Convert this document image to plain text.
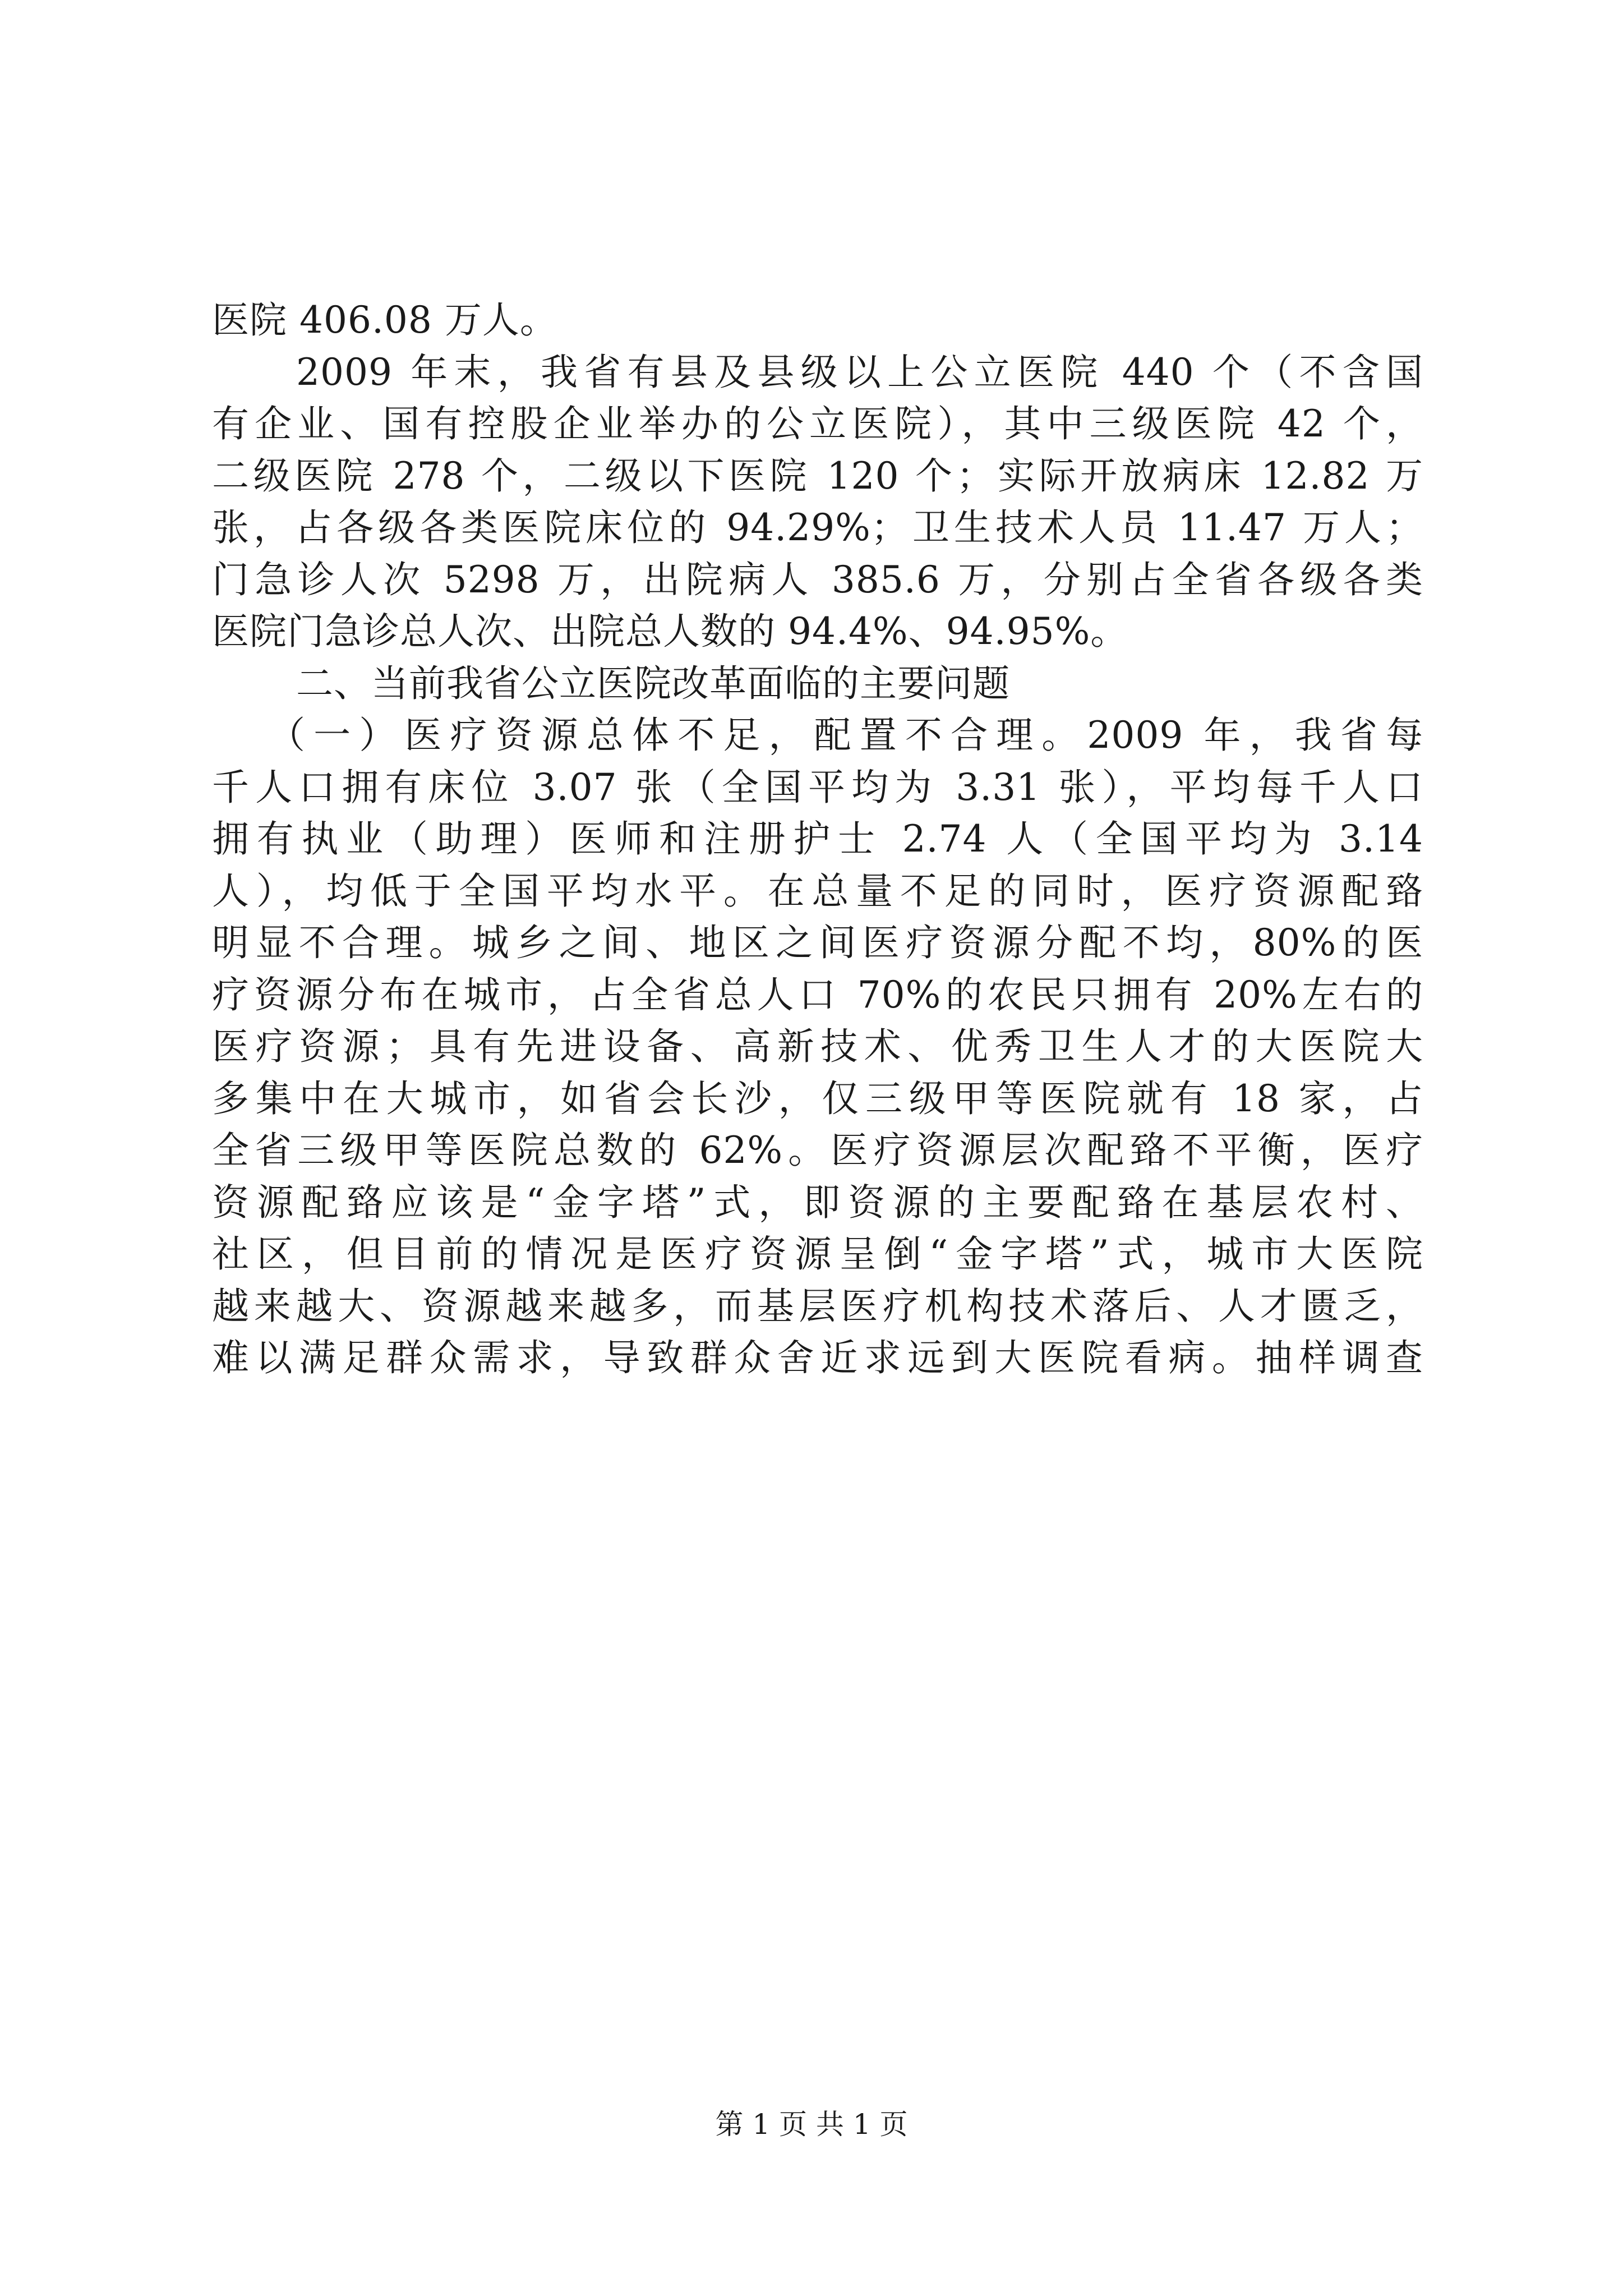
医院 406.08 万人。
2009 年末，我省有县及县级以上公立医院 440 个（不含国
有企业、国有控股企业举办的公立医院），其中三级医院 42 个，
二级医院 278 个，二级以下医院 120 个；实际开放病床 12.82 万
张，占各级各类医院床位的 94.29%；卫生技术人员 11.47 万人；
门急诊人次 5298 万，出院病人 385.6 万，分别占全省各级各类
医院门急诊总人次、出院总人数的 94.4%、94.95%。
二、当前我省公立医院改革面临的主要问题
（一）医疗资源总体不足，配置不合理。2009 年，我省每
千人口拥有床位 3.07 张（全国平均为 3.31 张），平均每千人口
拥有执业（助理）医师和注册护士 2.74 人（全国平均为 3.14
人），均低于全国平均水平。在总量不足的同时，医疗资源配臵
明显不合理。城乡之间、地区之间医疗资源分配不均，80%的医
疗资源分布在城市，占全省总人口 70%的农民只拥有 20%左右的
医疗资源；具有先进设备、高新技术、优秀卫生人才的大医院大
多集中在大城市，如省会长沙，仅三级甲等医院就有 18 家，占
全省三级甲等医院总数的 62%。医疗资源层次配臵不平衡，医疗
资源配臵应该是“金字塔”式，即资源的主要配臵在基层农村、
社区，但目前的情况是医疗资源呈倒“金字塔”式，城市大医院
越来越大、资源越来越多，而基层医疗机构技术落后、人才匮乏，
难以满足群众需求，导致群众舍近求远到大医院看病。抽样调查
第 1 页 共 1 页
